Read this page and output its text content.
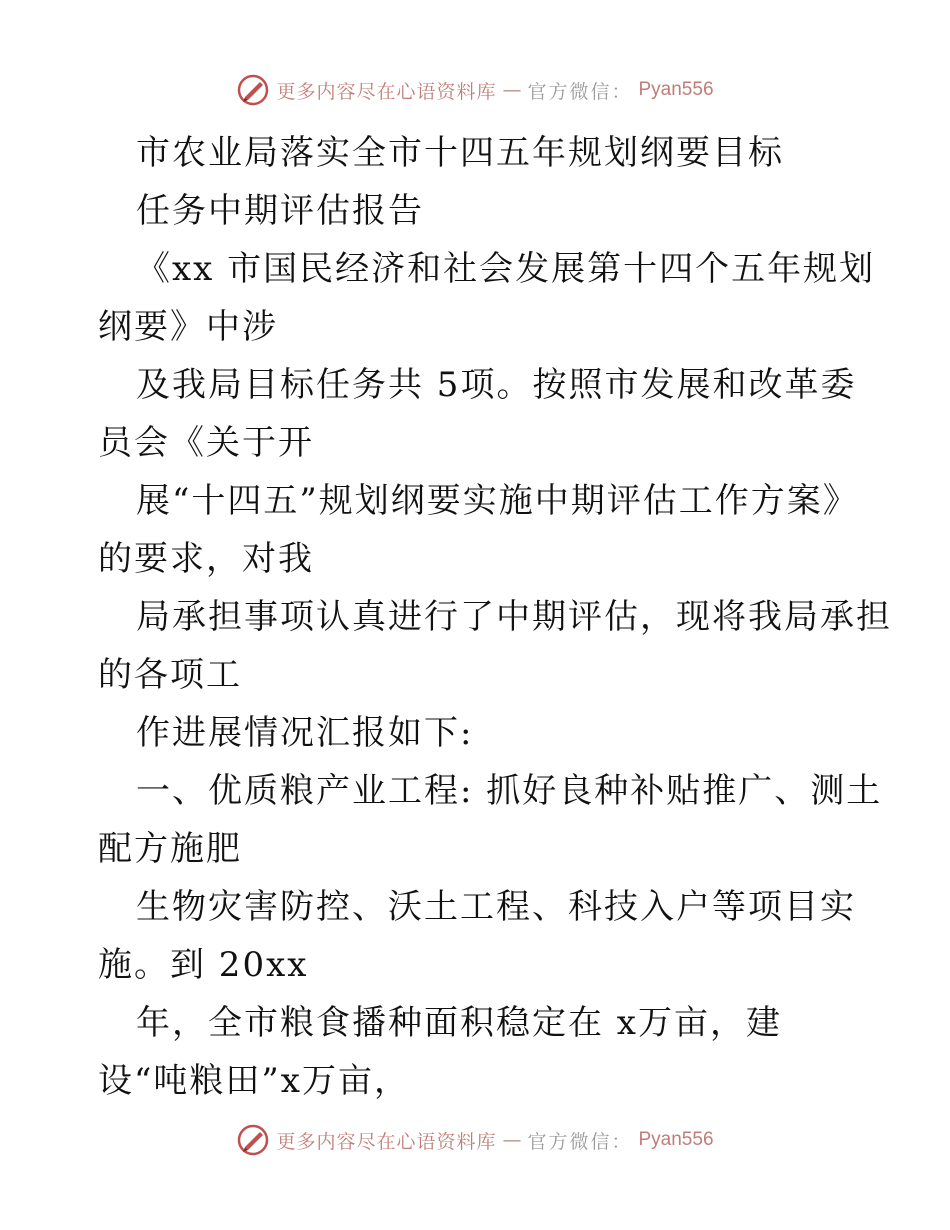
更多内容尽在心语资料库 — 官方微信： Pyan556
市农业局落实全市十四五年规划纲要目标
任务中期评估报告
《xx 市国民经济和社会发展第十四个五年规划
纲要》中涉
及我局目标任务共 5项。按照市发展和改革委
员会《关于开
展“十四五”规划纲要实施中期评估工作方案》
的要求，对我
局承担事项认真进行了中期评估，现将我局承担
的各项工
作进展情况汇报如下:
一、优质粮产业工程: 抓好良种补贴推广、测土
配方施肥
生物灾害防控、沃土工程、科技入户等项目实
施。到 20xx
年，全市粮食播种面积稳定在 x万亩，建
设“吨粮田”x万亩，
更多内容尽在心语资料库 — 官方微信： Pyan556
